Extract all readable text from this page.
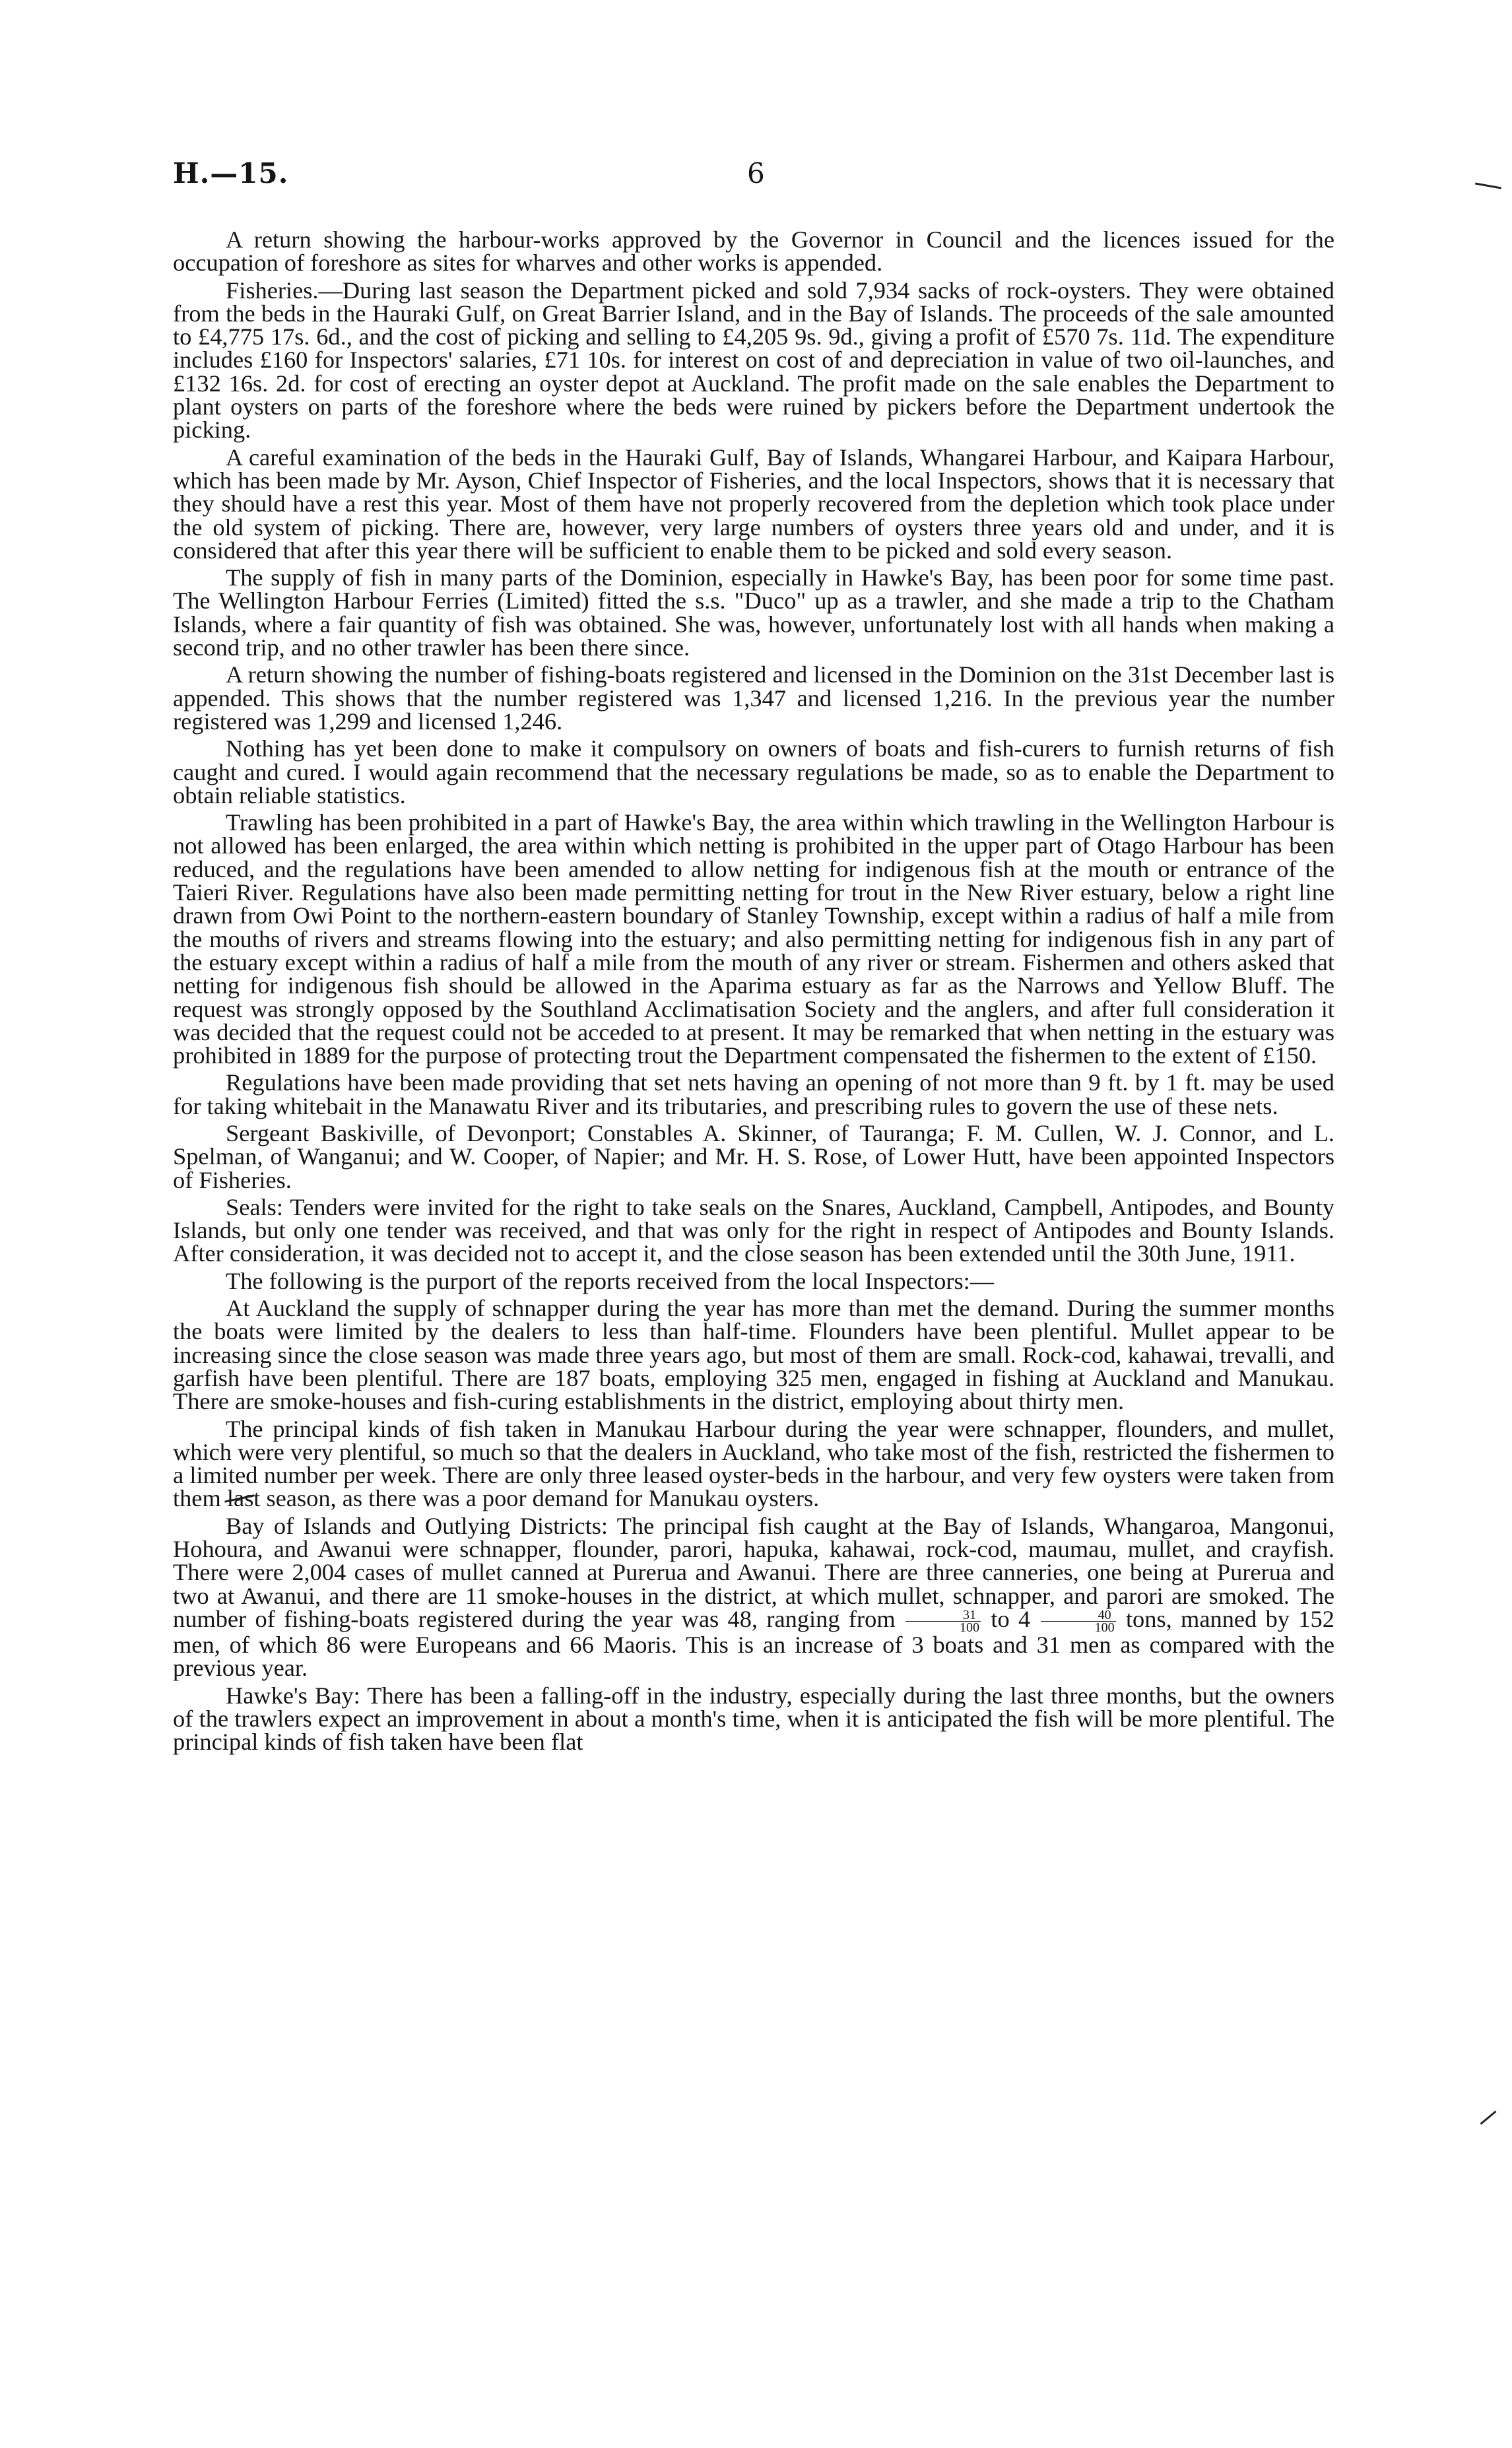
H.—15.	6

A return showing the harbour-works approved by the Governor in Council and the licences issued for the occupation of foreshore as sites for wharves and other works is appended.

Fisheries.—During last season the Department picked and sold 7,934 sacks of rock-oysters. They were obtained from the beds in the Hauraki Gulf, on Great Barrier Island, and in the Bay of Islands. The proceeds of the sale amounted to £4,775 17s. 6d., and the cost of picking and selling to £4,205 9s. 9d., giving a profit of £570 7s. 11d. The expenditure includes £160 for Inspectors' salaries, £71 10s. for interest on cost of and depreciation in value of two oil-launches, and £132 16s. 2d. for cost of erecting an oyster depot at Auckland. The profit made on the sale enables the Department to plant oysters on parts of the foreshore where the beds were ruined by pickers before the Department undertook the picking.

A careful examination of the beds in the Hauraki Gulf, Bay of Islands, Whangarei Harbour, and Kaipara Harbour, which has been made by Mr. Ayson, Chief Inspector of Fisheries, and the local Inspectors, shows that it is necessary that they should have a rest this year. Most of them have not properly recovered from the depletion which took place under the old system of picking. There are, however, very large numbers of oysters three years old and under, and it is considered that after this year there will be sufficient to enable them to be picked and sold every season.

The supply of fish in many parts of the Dominion, especially in Hawke's Bay, has been poor for some time past. The Wellington Harbour Ferries (Limited) fitted the s.s. "Duco" up as a trawler, and she made a trip to the Chatham Islands, where a fair quantity of fish was obtained. She was, however, unfortunately lost with all hands when making a second trip, and no other trawler has been there since.

A return showing the number of fishing-boats registered and licensed in the Dominion on the 31st December last is appended. This shows that the number registered was 1,347 and licensed 1,216. In the previous year the number registered was 1,299 and licensed 1,246.

Nothing has yet been done to make it compulsory on owners of boats and fish-curers to furnish returns of fish caught and cured. I would again recommend that the necessary regulations be made, so as to enable the Department to obtain reliable statistics.

Trawling has been prohibited in a part of Hawke's Bay, the area within which trawling in the Wellington Harbour is not allowed has been enlarged, the area within which netting is prohibited in the upper part of Otago Harbour has been reduced, and the regulations have been amended to allow netting for indigenous fish at the mouth or entrance of the Taieri River. Regulations have also been made permitting netting for trout in the New River estuary, below a right line drawn from Owi Point to the northern-eastern boundary of Stanley Township, except within a radius of half a mile from the mouths of rivers and streams flowing into the estuary; and also permitting netting for indigenous fish in any part of the estuary except within a radius of half a mile from the mouth of any river or stream. Fishermen and others asked that netting for indigenous fish should be allowed in the Aparima estuary as far as the Narrows and Yellow Bluff. The request was strongly opposed by the Southland Acclimatisation Society and the anglers, and after full consideration it was decided that the request could not be acceded to at present. It may be remarked that when netting in the estuary was prohibited in 1889 for the purpose of protecting trout the Department compensated the fishermen to the extent of £150.

Regulations have been made providing that set nets having an opening of not more than 9 ft. by 1 ft. may be used for taking whitebait in the Manawatu River and its tributaries, and prescribing rules to govern the use of these nets.

Sergeant Baskiville, of Devonport; Constables A. Skinner, of Tauranga; F. M. Cullen, W. J. Connor, and L. Spelman, of Wanganui; and W. Cooper, of Napier; and Mr. H. S. Rose, of Lower Hutt, have been appointed Inspectors of Fisheries.

Seals: Tenders were invited for the right to take seals on the Snares, Auckland, Campbell, Antipodes, and Bounty Islands, but only one tender was received, and that was only for the right in respect of Antipodes and Bounty Islands. After consideration, it was decided not to accept it, and the close season has been extended until the 30th June, 1911.

The following is the purport of the reports received from the local Inspectors:—

At Auckland the supply of schnapper during the year has more than met the demand. During the summer months the boats were limited by the dealers to less than half-time. Flounders have been plentiful. Mullet appear to be increasing since the close season was made three years ago, but most of them are small. Rock-cod, kahawai, trevalli, and garfish have been plentiful. There are 187 boats, employing 325 men, engaged in fishing at Auckland and Manukau. There are smoke-houses and fish-curing establishments in the district, employing about thirty men.

The principal kinds of fish taken in Manukau Harbour during the year were schnapper, flounders, and mullet, which were very plentiful, so much so that the dealers in Auckland, who take most of the fish, restricted the fishermen to a limited number per week. There are only three leased oyster-beds in the harbour, and very few oysters were taken from them last season, as there was a poor demand for Manukau oysters.

Bay of Islands and Outlying Districts: The principal fish caught at the Bay of Islands, Whangaroa, Mangonui, Hohoura, and Awanui were schnapper, flounder, parori, hapuka, kahawai, rock-cod, maumau, mullet, and crayfish. There were 2,004 cases of mullet canned at Purerua and Awanui. There are three canneries, one being at Purerua and two at Awanui, and there are 11 smoke-houses in the district, at which mullet, schnapper, and parori are smoked. The number of fishing-boats registered during the year was 48, ranging from $\frac{31}{100}$ to $4 \frac{40}{100}$ tons, manned by 152 men, of which 86 were Europeans and 66 Maoris. This is an increase of 3 boats and 31 men as compared with the previous year.

Hawke's Bay: There has been a falling-off in the industry, especially during the last three months, but the owners of the trawlers expect an improvement in about a month's time, when it is anticipated the fish will be more plentiful. The principal kinds of fish taken have been flat
